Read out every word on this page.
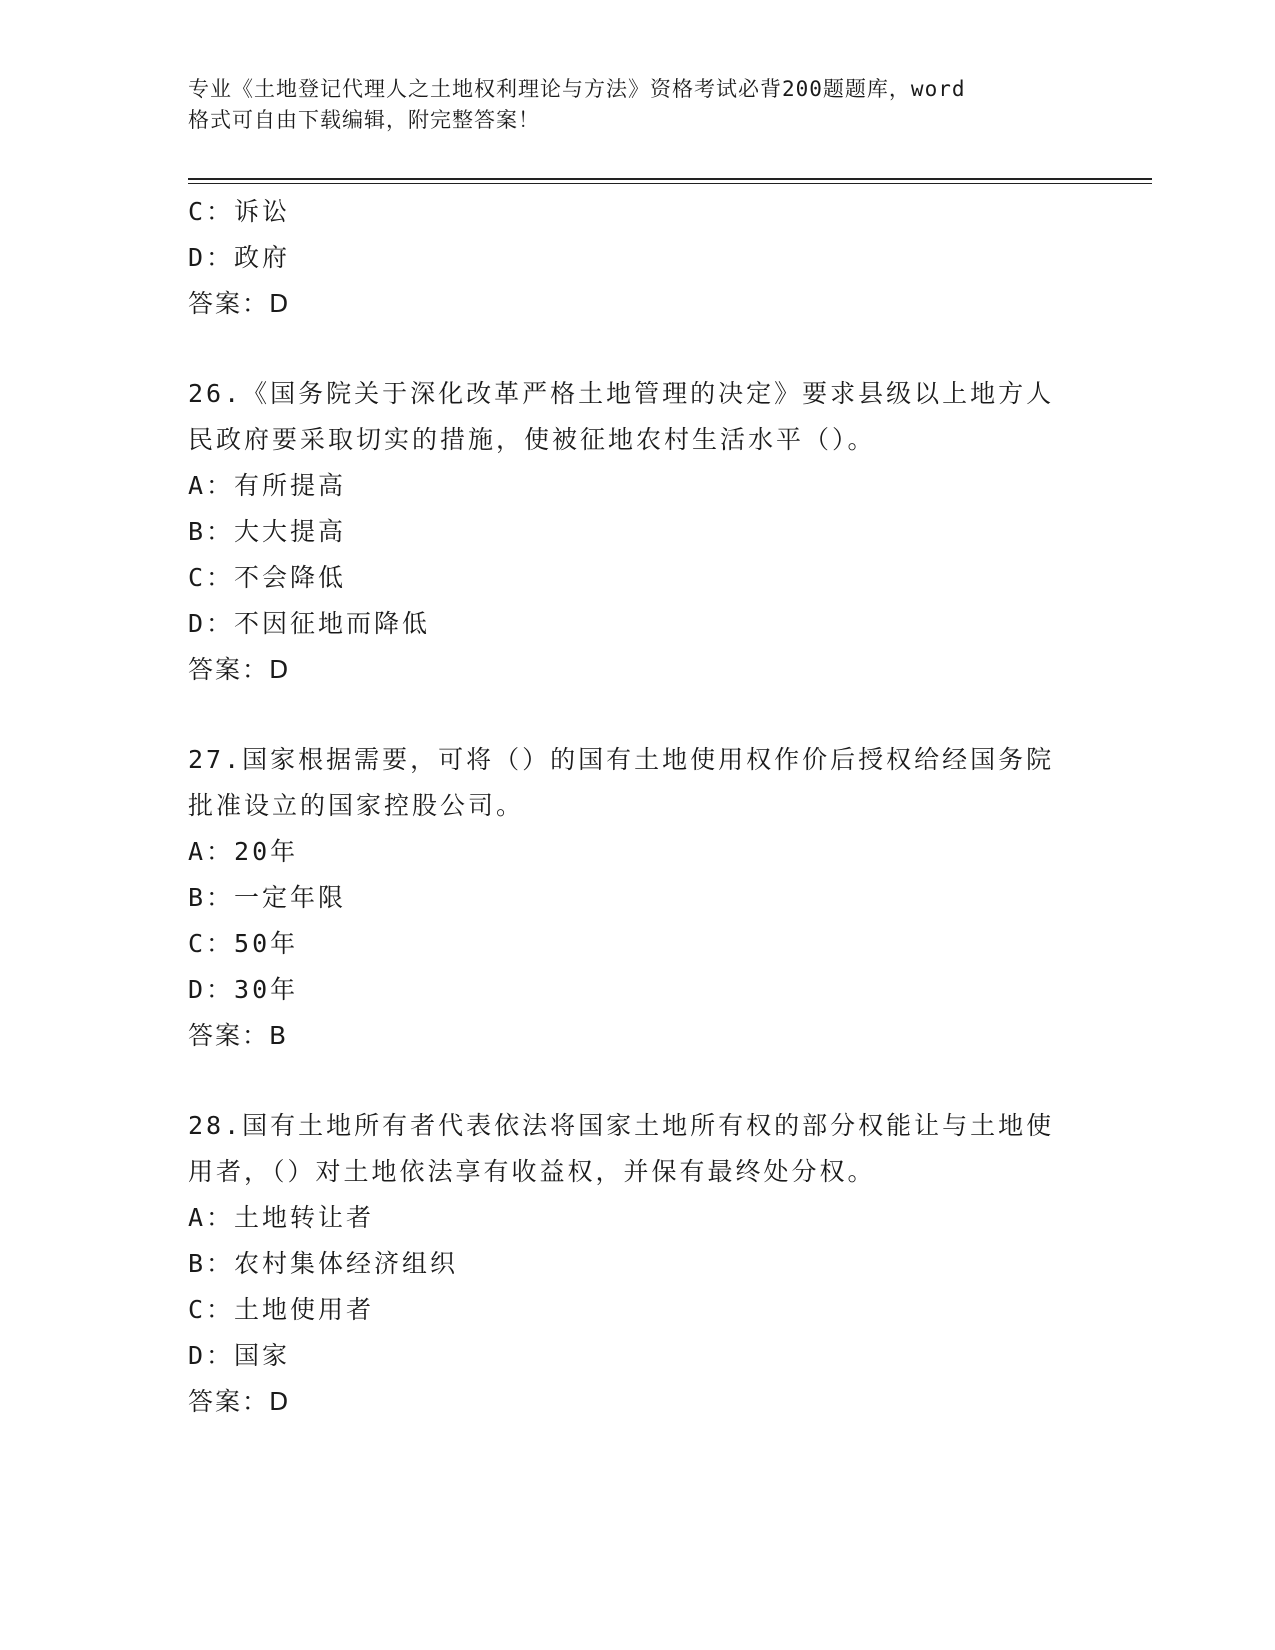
专业《土地登记代理人之土地权利理论与方法》资格考试必背200题题库，word
格式可自由下载编辑，附完整答案！
C：诉讼
D：政府
答案：D
26.《国务院关于深化改革严格土地管理的决定》要求县级以上地方人
民政府要采取切实的措施，使被征地农村生活水平（）。
A：有所提高
B：大大提高
C：不会降低
D：不因征地而降低
答案：D
27.国家根据需要，可将（）的国有土地使用权作价后授权给经国务院
批准设立的国家控股公司。
A：20年
B：一定年限
C：50年
D：30年
答案：B
28.国有土地所有者代表依法将国家土地所有权的部分权能让与土地使
用者，（）对土地依法享有收益权，并保有最终处分权。
A：土地转让者
B：农村集体经济组织
C：土地使用者
D：国家
答案：D
